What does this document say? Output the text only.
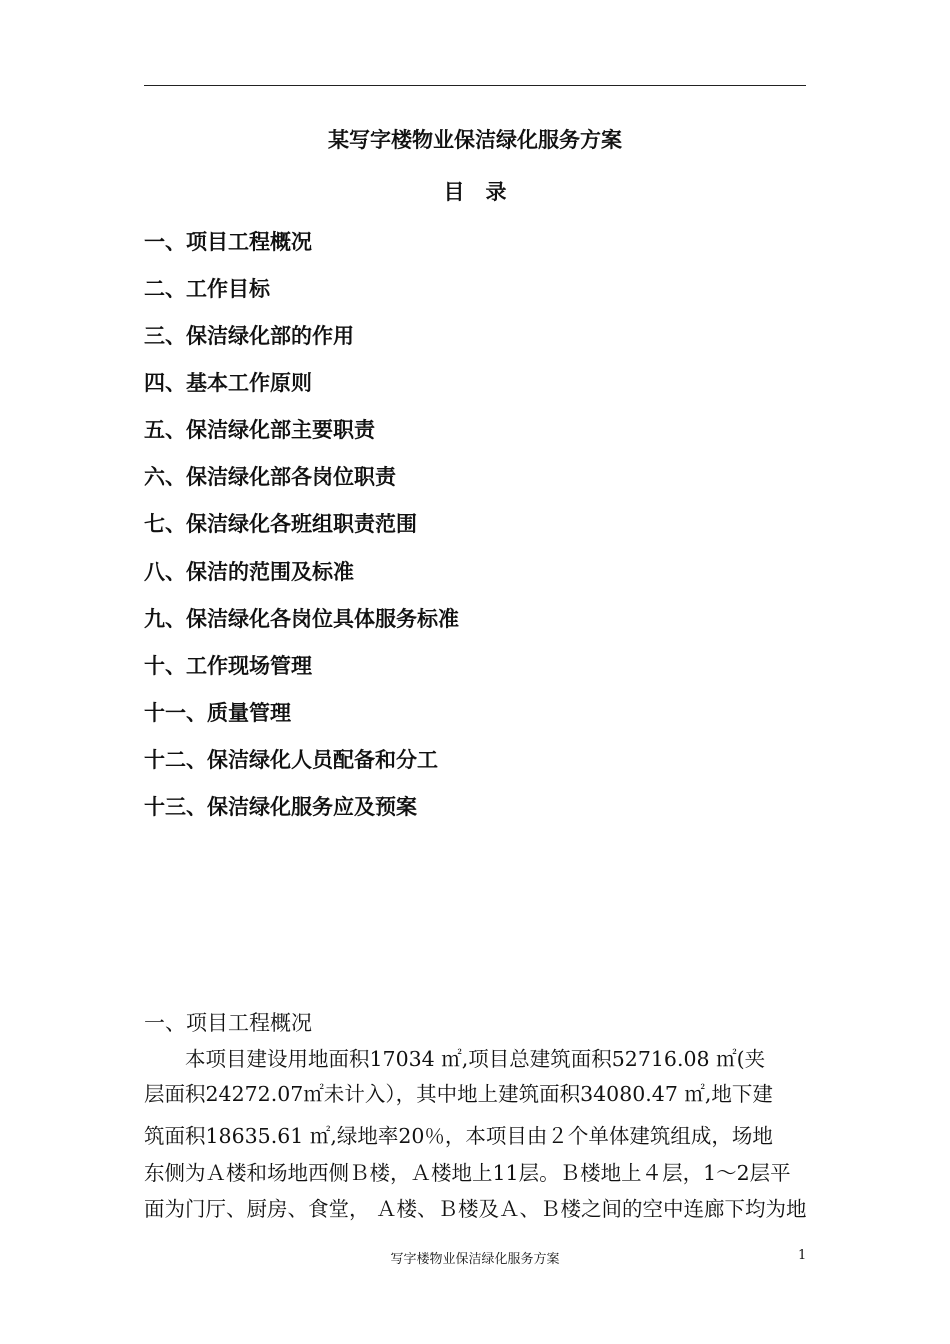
某写字楼物业保洁绿化服务方案
目　录
一、项目工程概况
二、工作目标
三、保洁绿化部的作用
四、基本工作原则
五、保洁绿化部主要职责
六、保洁绿化部各岗位职责
七、保洁绿化各班组职责范围
八、保洁的范围及标准
九、保洁绿化各岗位具体服务标准
十、工作现场管理
十一、质量管理
十二、保洁绿化人员配备和分工
十三、保洁绿化服务应及预案
一、项目工程概况
　　本项目建设用地面积17034 ㎡,项目总建筑面积52716.08 ㎡(夹
层面积24272.07㎡未计入），其中地上建筑面积34080.47 ㎡,地下建
筑面积18635.61 ㎡,绿地率20％，本项目由２个单体建筑组成，场地
东侧为Ａ楼和场地西侧Ｂ楼，Ａ楼地上11层。Ｂ楼地上４层，1～2层平
面为门厅、厨房、食堂， Ａ楼、Ｂ楼及Ａ、Ｂ楼之间的空中连廊下均为地
写字楼物业保洁绿化服务方案	1
